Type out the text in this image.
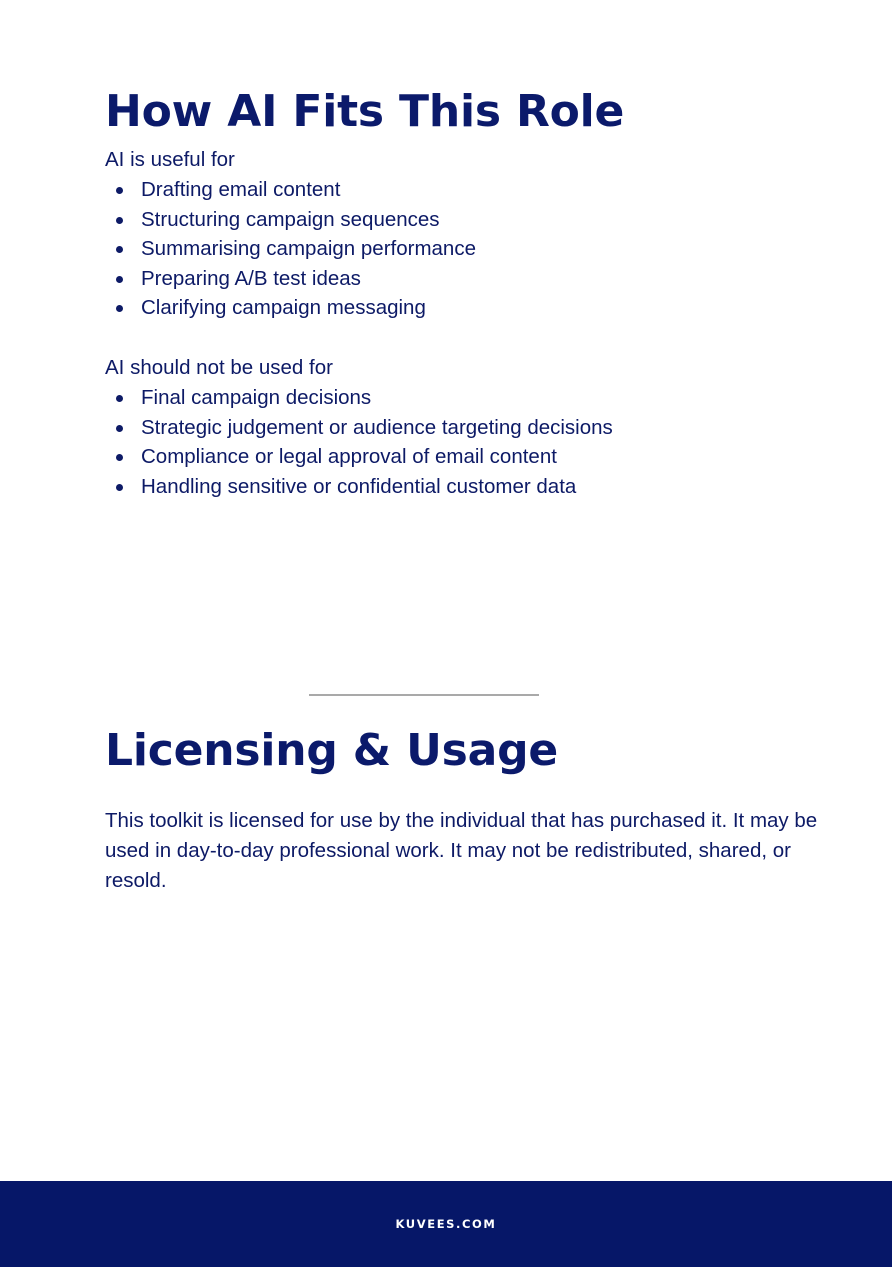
How AI Fits This Role

AI is useful for

Drafting email content
Structuring campaign sequences
Summarising campaign performance
Preparing A/B test ideas
Clarifying campaign messaging

AI should not be used for

Final campaign decisions
Strategic judgement or audience targeting decisions
Compliance or legal approval of email content
Handling sensitive or confidential customer data
Licensing & Usage

This toolkit is licensed for use by the individual that has purchased it. It may be used in day-to-day professional work. It may not be redistributed, shared, or resold.

KUVEES.COM
